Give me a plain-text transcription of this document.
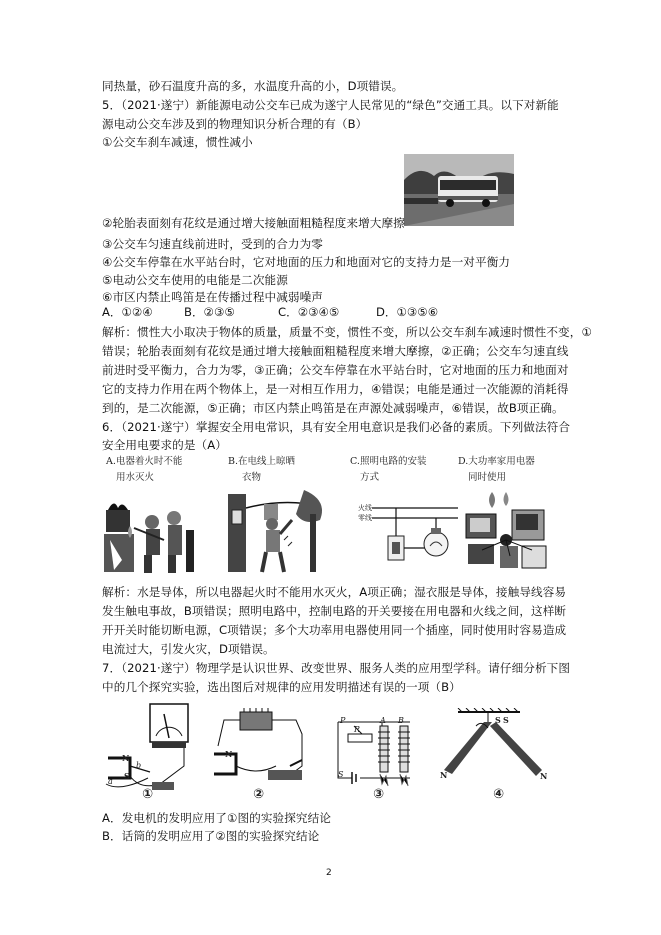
同热量，砂石温度升高的多，水温度升高的小，D项错误。
5．（2021·遂宁）新能源电动公交车已成为遂宁人民常见的“绿色”交通工具。以下对新能
源电动公交车涉及到的物理知识分析合理的有（B）
①公交车刹车减速，惯性减小
②轮胎表面刻有花纹是通过增大接触面粗糙程度来增大摩擦
③公交车匀速直线前进时，受到的合力为零
④公交车停靠在水平站台时，它对地面的压力和地面对它的支持力是一对平衡力
⑤电动公交车使用的电能是二次能源
⑥市区内禁止鸣笛是在传播过程中减弱噪声
A．①②④	B．②③⑤	C．②③④⑤	D．①③⑤⑥
解析：惯性大小取决于物体的质量，质量不变，惯性不变，所以公交车刹车减速时惯性不变，①
错误；轮胎表面刻有花纹是通过增大接触面粗糙程度来增大摩擦，②正确；公交车匀速直线
前进时受平衡力，合力为零，③正确；公交车停靠在水平站台时，它对地面的压力和地面对
它的支持力作用在两个物体上，是一对相互作用力，④错误；电能是通过一次能源的消耗得
到的，是二次能源，⑤正确；市区内禁止鸣笛是在声源处减弱噪声，⑥错误，故B项正确。
6．（2021·遂宁）掌握安全用电常识，具有安全用电意识是我们必备的素质。下列做法符合
安全用电要求的是（A）
A.电器着火时不能
用水灭火
B.在电线上晾晒
衣物
C.照明电路的安装
方式
D.大功率家用电器
同时使用
火线
零线
解析：水是导体，所以电器起火时不能用水灭火，A项正确；湿衣服是导体，接触导线容易
发生触电事故，B项错误；照明电路中，控制电路的开关要接在用电器和火线之间，这样断
开开关时能切断电源，C项错误；多个大功率用电器使用同一个插座，同时使用时容易造成
电流过大，引发火灾，D项错误。
7．（2021·遂宁）物理学是认识世界、改变世界、服务人类的应用型学科。请仔细分析下图
中的几个探究实验，选出图后对规律的应用发明描述有误的一项（B）
N
S
a
b
①
N
②
P
R
A B
S
③
S S
N	N
④
A．发电机的发明应用了①图的实验探究结论
B．话筒的发明应用了②图的实验探究结论
2
